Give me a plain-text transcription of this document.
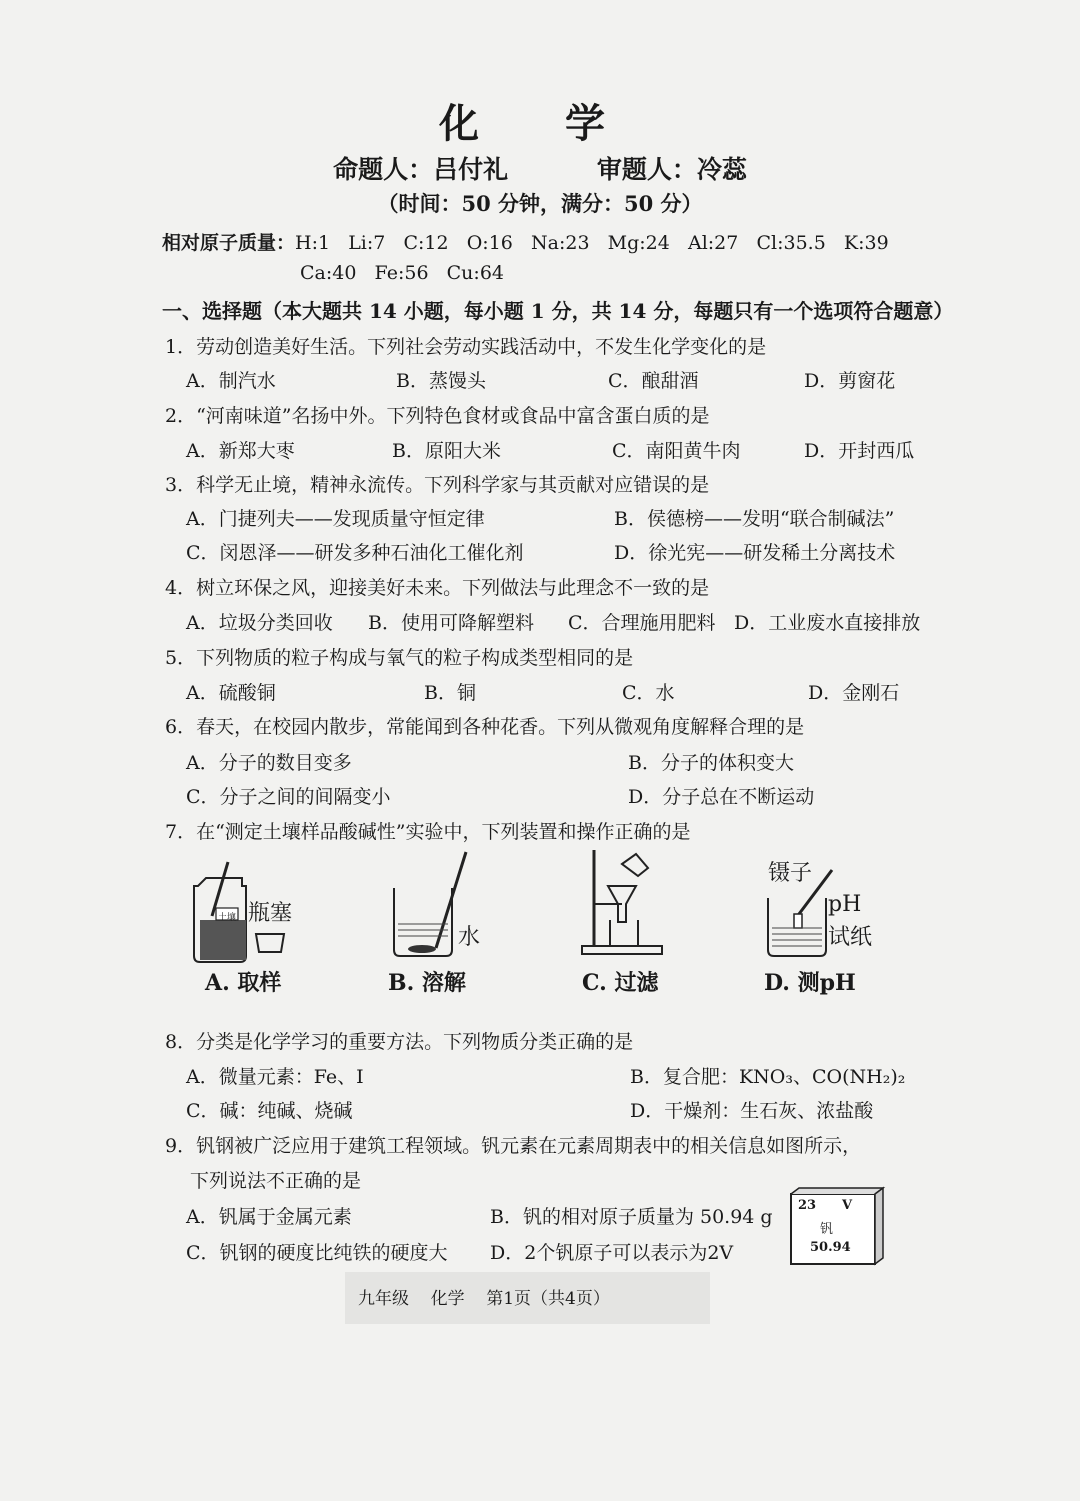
化 学
命题人：吕付礼	审题人：冷蕊
（时间：50 分钟，满分：50 分）
相对原子质量：H:1   Li:7   C:12   O:16   Na:23   Mg:24   Al:27   Cl:35.5   K:39
Ca:40   Fe:56   Cu:64
一、选择题（本大题共 14 小题，每小题 1 分，共 14 分，每题只有一个选项符合题意）
1．劳动创造美好生活。下列社会劳动实践活动中，不发生化学变化的是
A．制汽水	B．蒸馒头	C．酿甜酒	D．剪窗花
2．“河南味道”名扬中外。下列特色食材或食品中富含蛋白质的是
A．新郑大枣	B．原阳大米	C．南阳黄牛肉	D．开封西瓜
3．科学无止境，精神永流传。下列科学家与其贡献对应错误的是
A．门捷列夫——发现质量守恒定律	B．侯德榜——发明“联合制碱法”
C．闵恩泽——研发多种石油化工催化剂	D．徐光宪——研发稀土分离技术
4．树立环保之风，迎接美好未来。下列做法与此理念不一致的是
A．垃圾分类回收 B．使用可降解塑料 C．合理施用肥料 D．工业废水直接排放
5．下列物质的粒子构成与氧气的粒子构成类型相同的是
A．硫酸铜	B．铜	C．水	D．金刚石
6．春天，在校园内散步，常能闻到各种花香。下列从微观角度解释合理的是
A．分子的数目变多	B．分子的体积变大
C．分子之间的间隔变小	D．分子总在不断运动
7．在“测定土壤样品酸碱性”实验中，下列装置和操作正确的是
土壤 瓶塞
A. 取样
水
B. 溶解	C. 过滤
镊子
pH
试纸
D. 测pH
8．分类是化学学习的重要方法。下列物质分类正确的是
A．微量元素：Fe、I	B．复合肥：KNO₃、CO(NH₂)₂
C．碱：纯碱、烧碱	D．干燥剂：生石灰、浓盐酸
9．钒钢被广泛应用于建筑工程领域。钒元素在元素周期表中的相关信息如图所示，
下列说法不正确的是
A．钒属于金属元素	B．钒的相对原子质量为 50.94 g
C．钒钢的硬度比纯铁的硬度大 D．2个钒原子可以表示为2V
23 V
钒
50.94
九年级    化学    第1页（共4页）
